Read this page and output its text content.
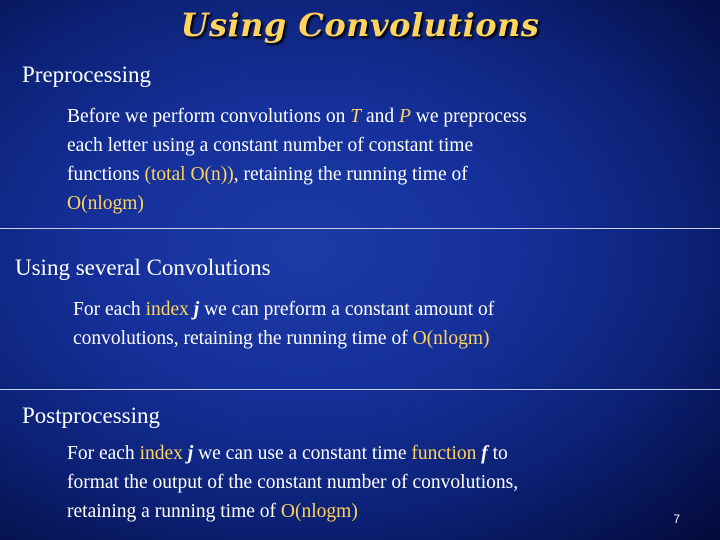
Using Convolutions
Preprocessing
Before we perform convolutions on T and P we preprocess
each letter using a constant number of constant time
functions (total O(n)), retaining the running time of
O(nlogm)
Using several Convolutions
For each index j we can preform a constant amount of
convolutions, retaining the running time of O(nlogm)
Postprocessing
For each index j we can use a constant time function f to
format the output of the constant number of convolutions,
retaining a running time of O(nlogm)	7
